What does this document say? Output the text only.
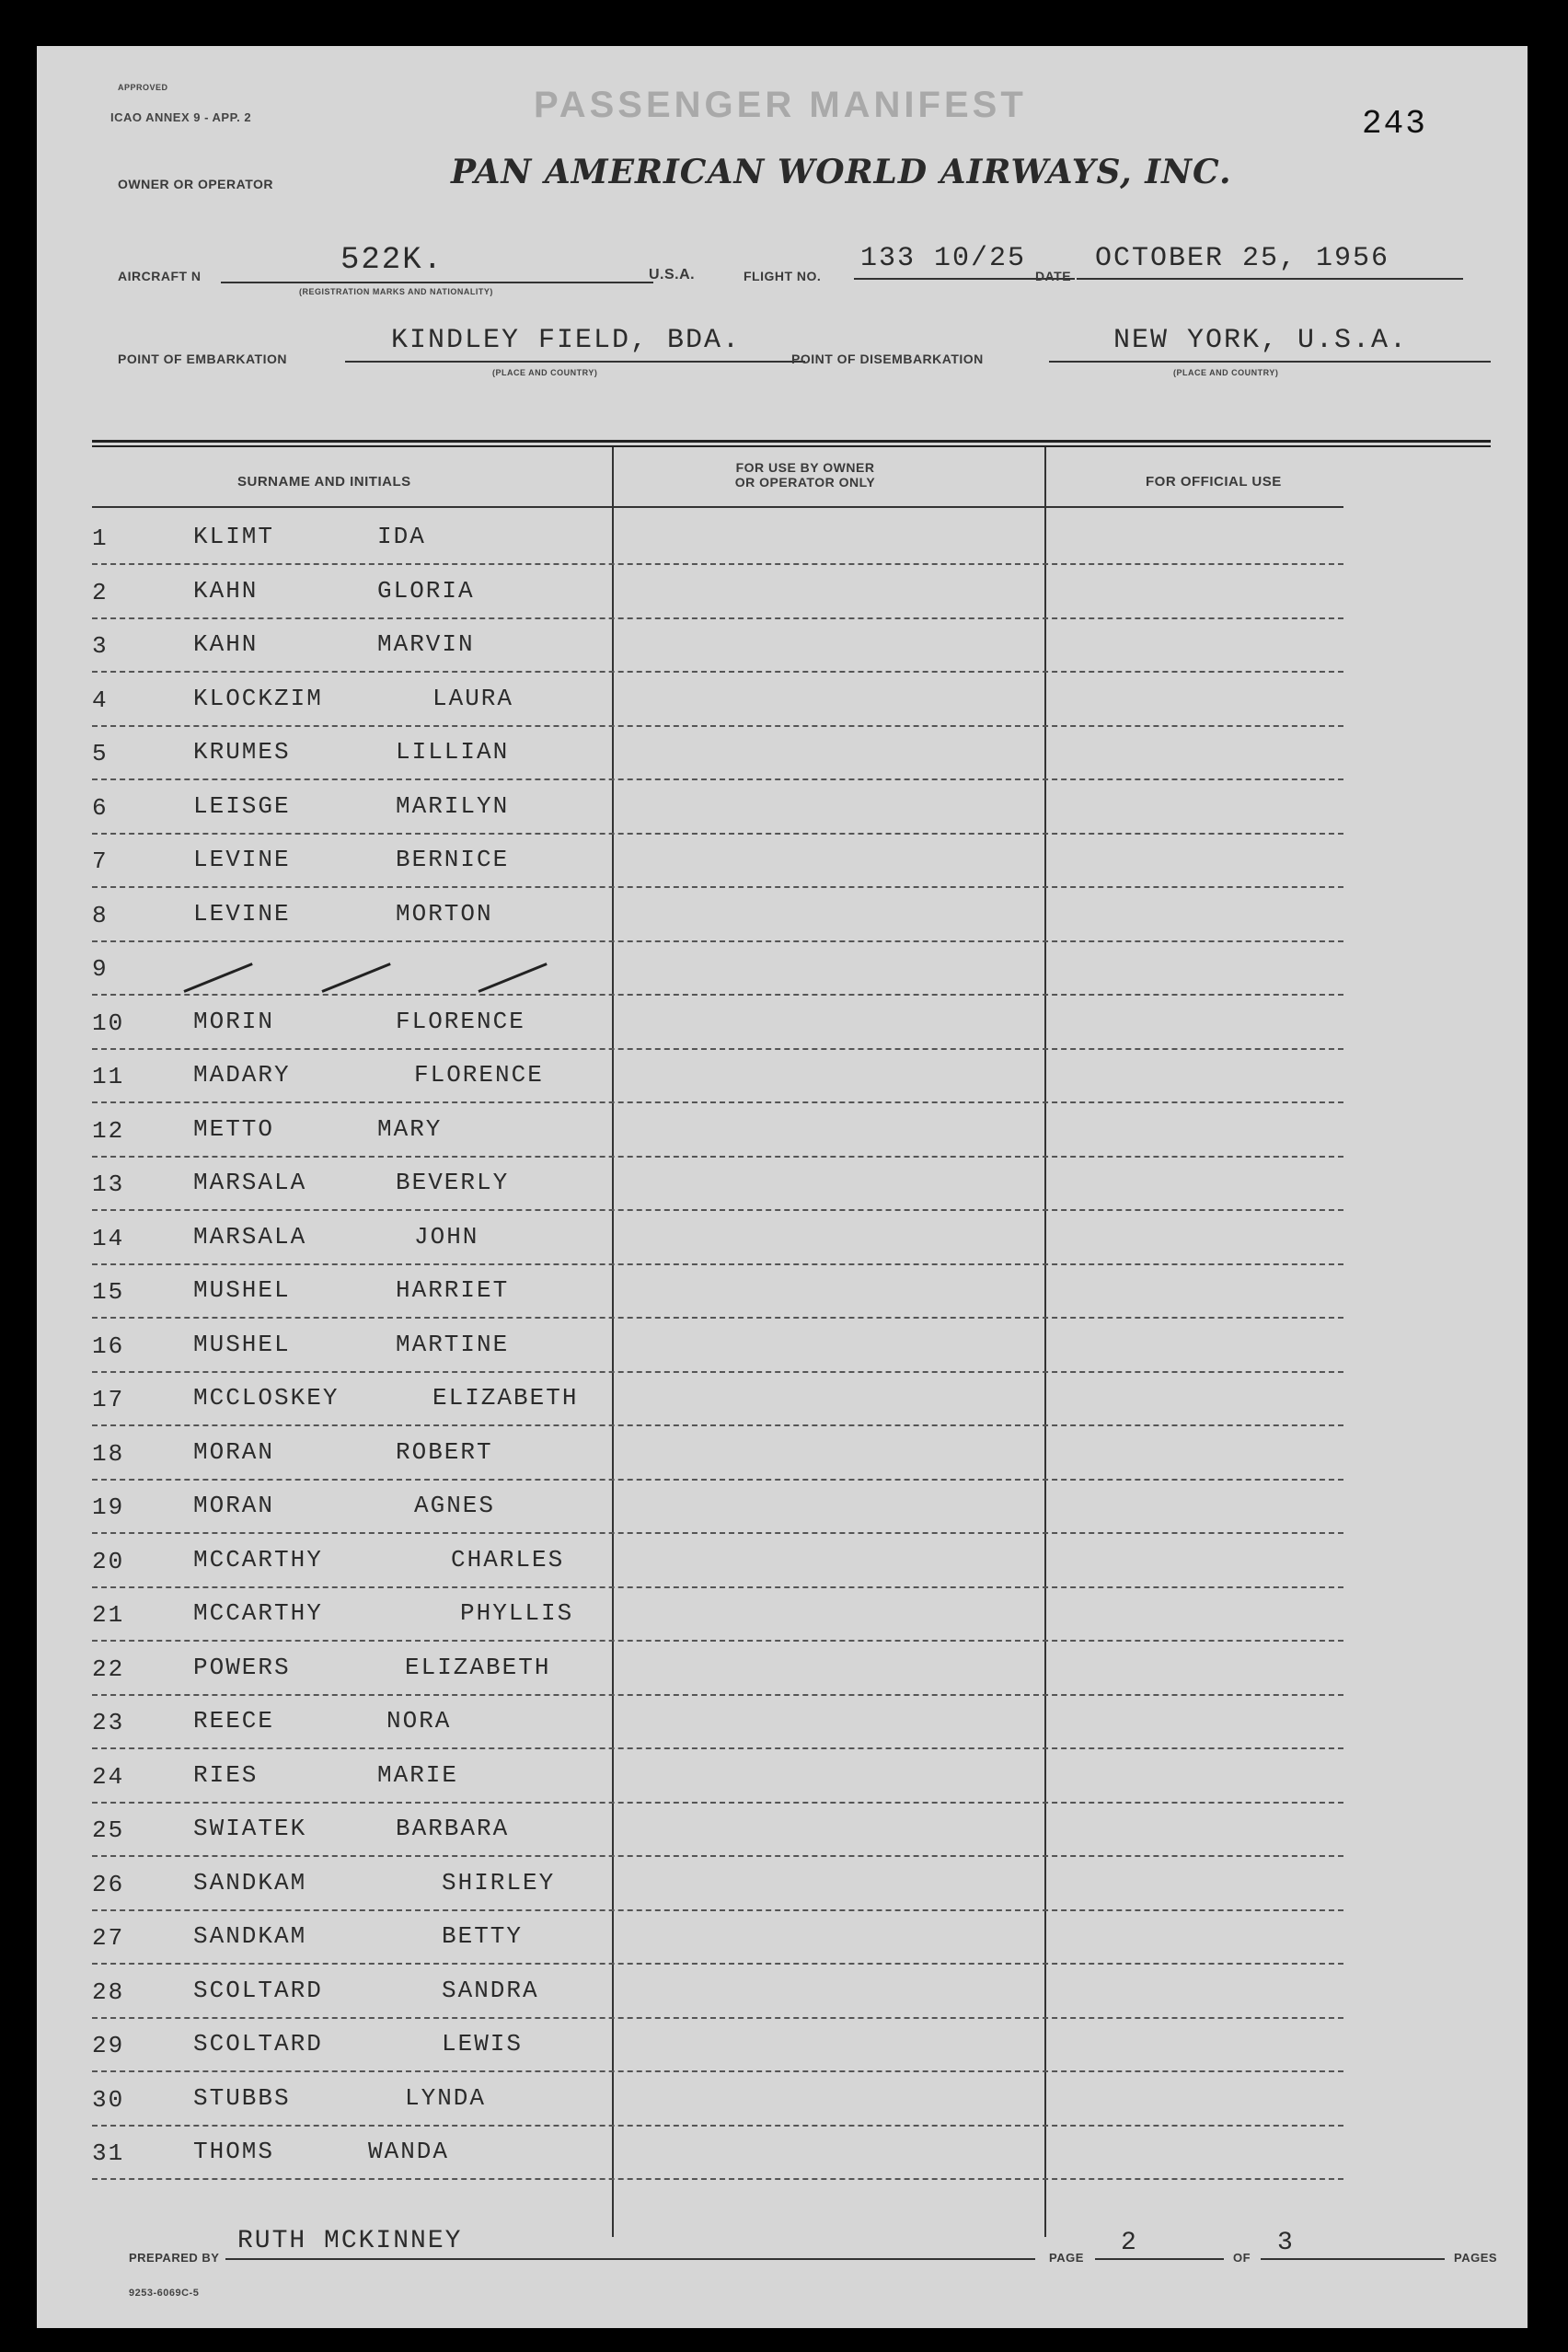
APPROVED
ICAO ANNEX 9 - APP. 2	PASSENGER MANIFEST	243
OWNER OR OPERATOR	PAN AMERICAN WORLD AIRWAYS, INC.
AIRCRAFT N	522K.
(REGISTRATION MARKS AND NATIONALITY)
U.S.A.	FLIGHT NO.
133 10/25
DATE
OCTOBER 25, 1956
POINT OF EMBARKATION
KINDLEY FIELD, BDA.
(PLACE AND COUNTRY)
POINT OF DISEMBARKATION
NEW YORK, U.S.A.
(PLACE AND COUNTRY)
SURNAME AND INITIALS
FOR USE BY OWNER
OR OPERATOR ONLY	FOR OFFICIAL USE
1	KLIMT	IDA
2	KAHN	GLORIA
3	KAHN	MARVIN
4	KLOCKZIM	LAURA
5	KRUMES	LILLIAN
6	LEISGE	MARILYN
7	LEVINE	BERNICE
8	LEVINE	MORTON
9
10	MORIN	FLORENCE
11	MADARY	FLORENCE
12	METTO	MARY
13	MARSALA	BEVERLY
14	MARSALA	JOHN
15	MUSHEL	HARRIET
16	MUSHEL	MARTINE
17	MCCLOSKEY	ELIZABETH
18	MORAN	ROBERT
19	MORAN	AGNES
20	MCCARTHY	CHARLES
21	MCCARTHY	PHYLLIS
22	POWERS	ELIZABETH
23	REECE	NORA
24	RIES	MARIE
25	SWIATEK	BARBARA
26	SANDKAM	SHIRLEY
27	SANDKAM	BETTY
28	SCOLTARD	SANDRA
29	SCOLTARD	LEWIS
30	STUBBS	LYNDA
31	THOMS	WANDA
PREPARED BY
RUTH MCKINNEY
PAGE
2
OF
3
PAGES
9253-6069C-5
